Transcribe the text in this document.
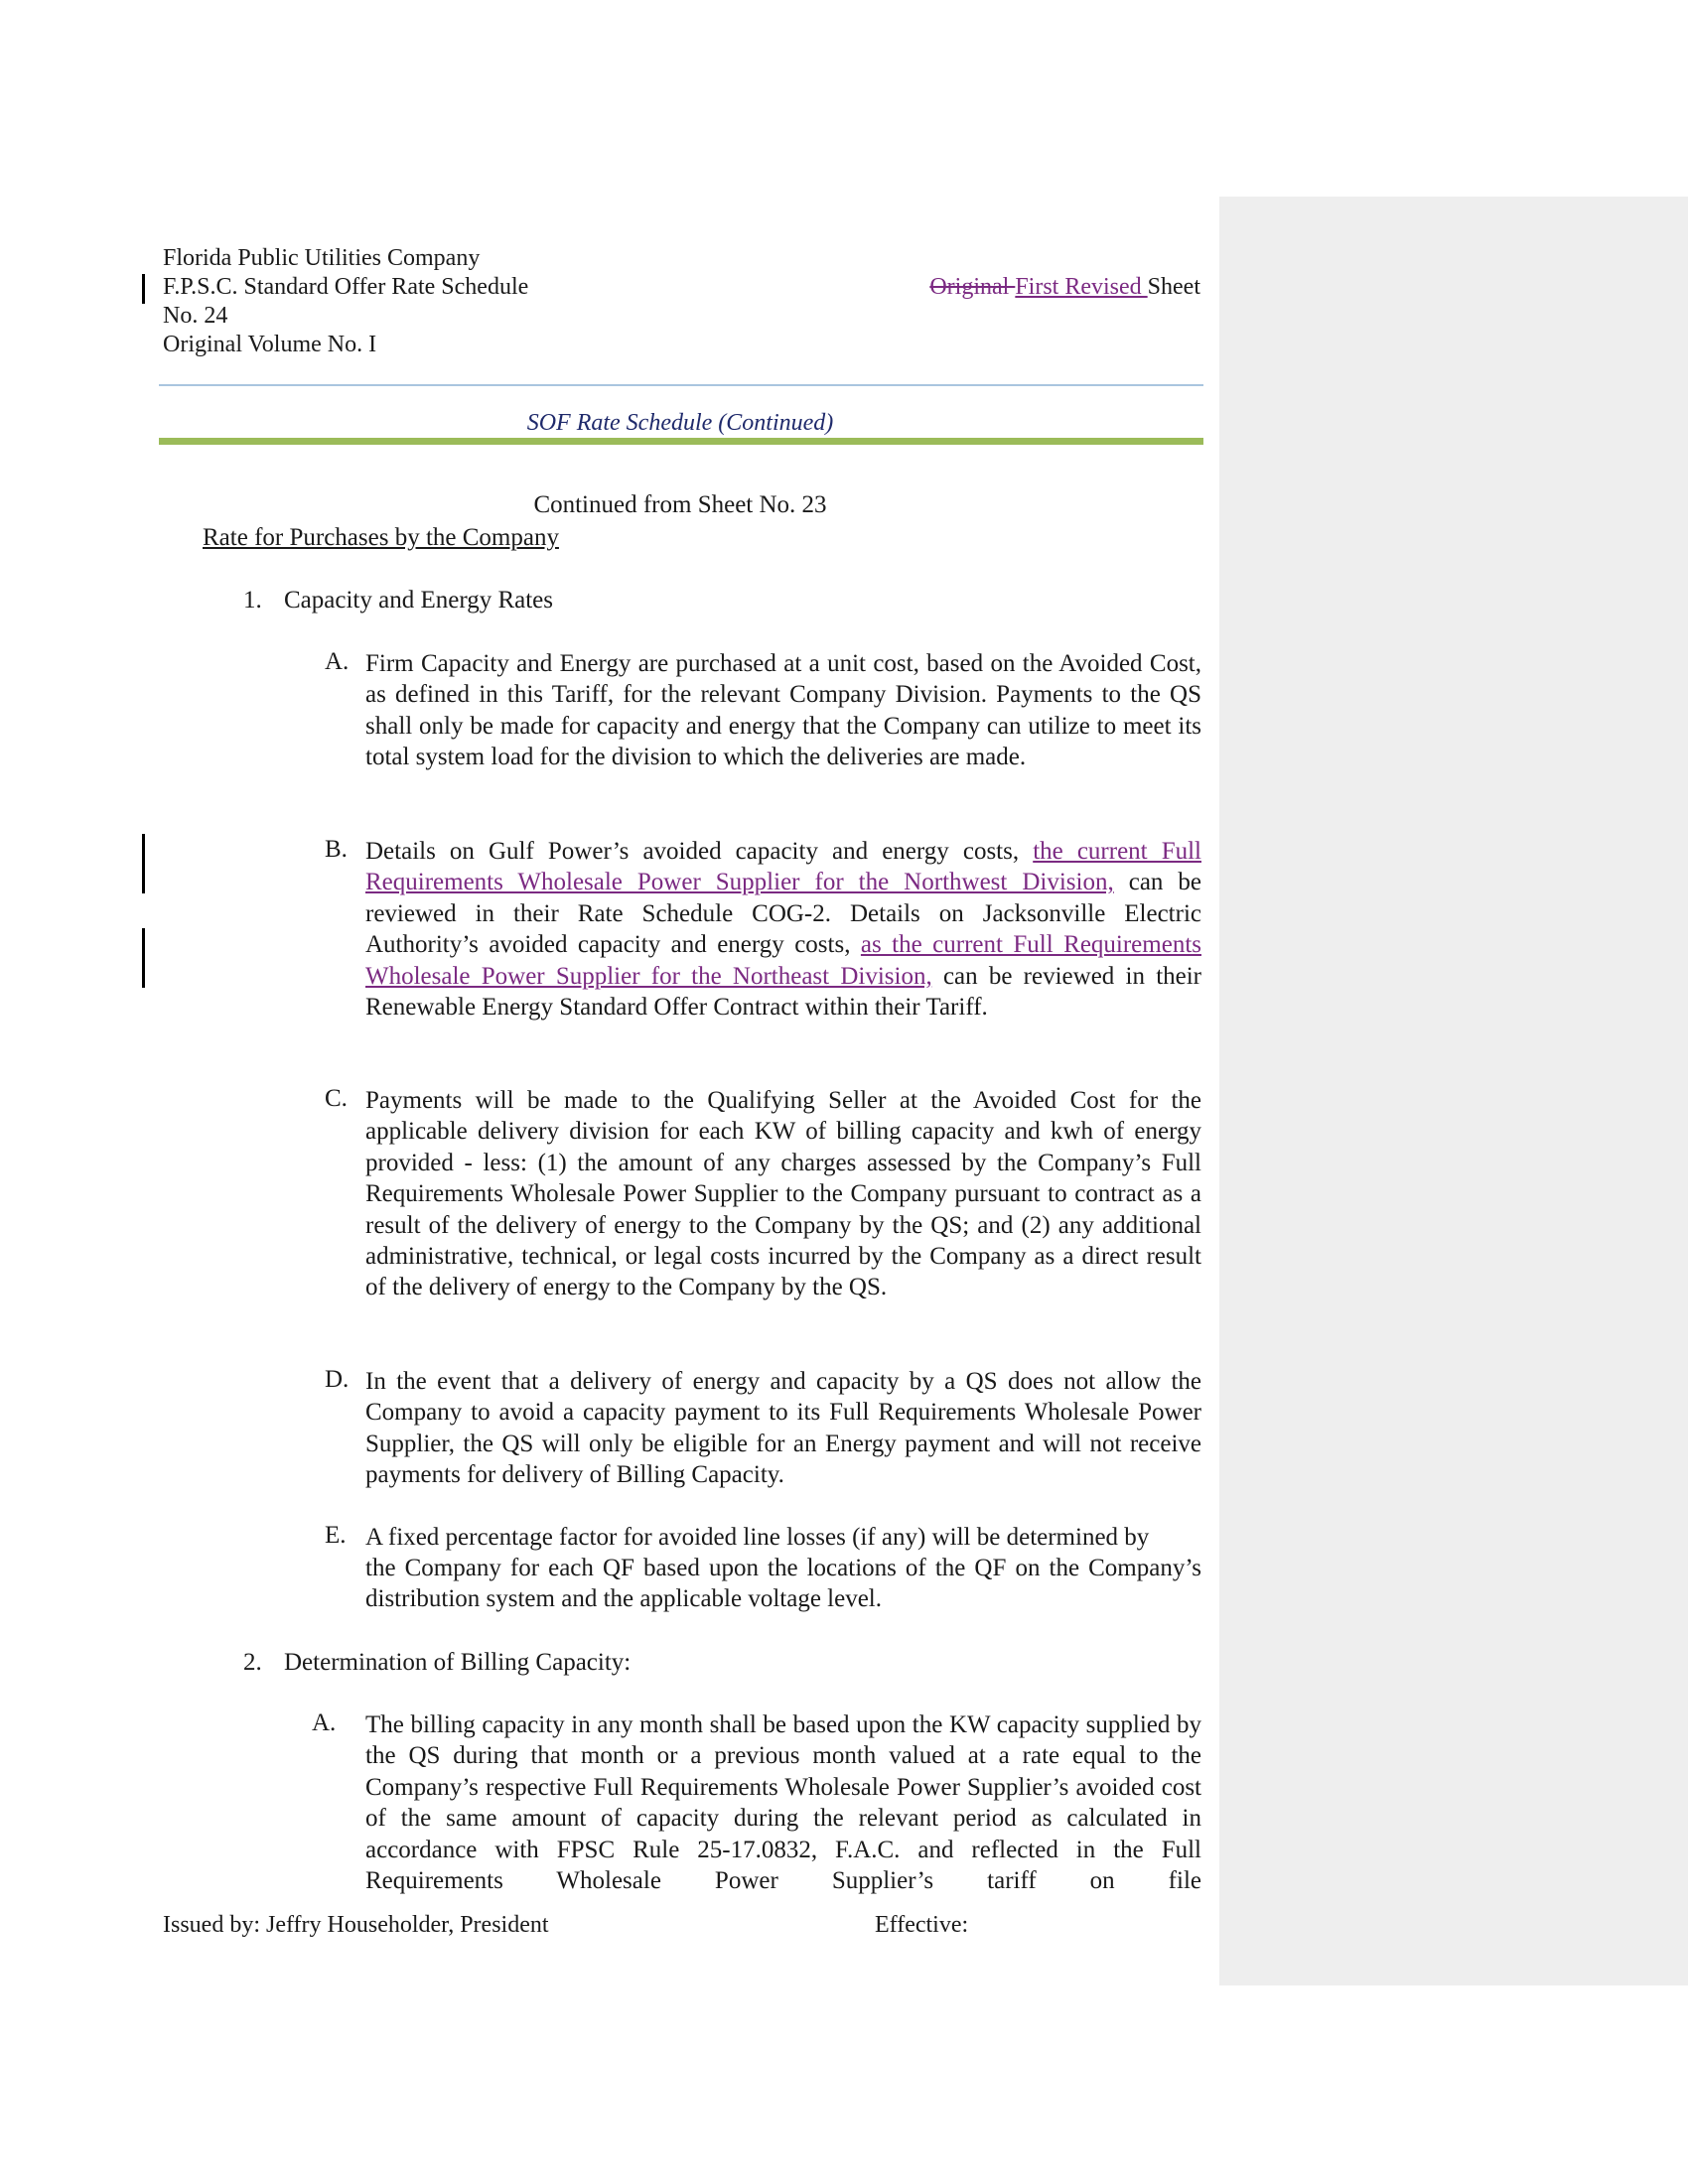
Florida Public Utilities Company
F.P.S.C. Standard Offer Rate Schedule
No. 24
Original Volume No. I
Original First Revised Sheet
SOF Rate Schedule (Continued)
Continued from Sheet No. 23
Rate for Purchases by the Company
1. Capacity and Energy Rates
A. Firm Capacity and Energy are purchased at a unit cost, based on the Avoided Cost, as defined in this Tariff, for the relevant Company Division. Payments to the QS shall only be made for capacity and energy that the Company can utilize to meet its total system load for the division to which the deliveries are made.
B. Details on Gulf Power’s avoided capacity and energy costs, the current Full Requirements Wholesale Power Supplier for the Northwest Division, can be reviewed in their Rate Schedule COG-2. Details on Jacksonville Electric Authority’s avoided capacity and energy costs, as the current Full Requirements Wholesale Power Supplier for the Northeast Division, can be reviewed in their Renewable Energy Standard Offer Contract within their Tariff.
C. Payments will be made to the Qualifying Seller at the Avoided Cost for the applicable delivery division for each KW of billing capacity and kwh of energy provided - less: (1) the amount of any charges assessed by the Company’s Full Requirements Wholesale Power Supplier to the Company pursuant to contract as a result of the delivery of energy to the Company by the QS; and (2) any additional administrative, technical, or legal costs incurred by the Company as a direct result of the delivery of energy to the Company by the QS.
D. In the event that a delivery of energy and capacity by a QS does not allow the Company to avoid a capacity payment to its Full Requirements Wholesale Power Supplier, the QS will only be eligible for an Energy payment and will not receive payments for delivery of Billing Capacity.
E. A fixed percentage factor for avoided line losses (if any) will be determined by
the Company for each QF based upon the locations of the QF on the Company’s distribution system and the applicable voltage level.
2. Determination of Billing Capacity:
A. The billing capacity in any month shall be based upon the KW capacity supplied by the QS during that month or a previous month valued at a rate equal to the Company’s respective Full Requirements Wholesale Power Supplier’s avoided cost of the same amount of capacity during the relevant period as calculated in accordance with FPSC Rule 25-17.0832, F.A.C. and reflected in the Full Requirements Wholesale Power Supplier’s tariff on file
Issued by: Jeffry Householder, President	Effective:
